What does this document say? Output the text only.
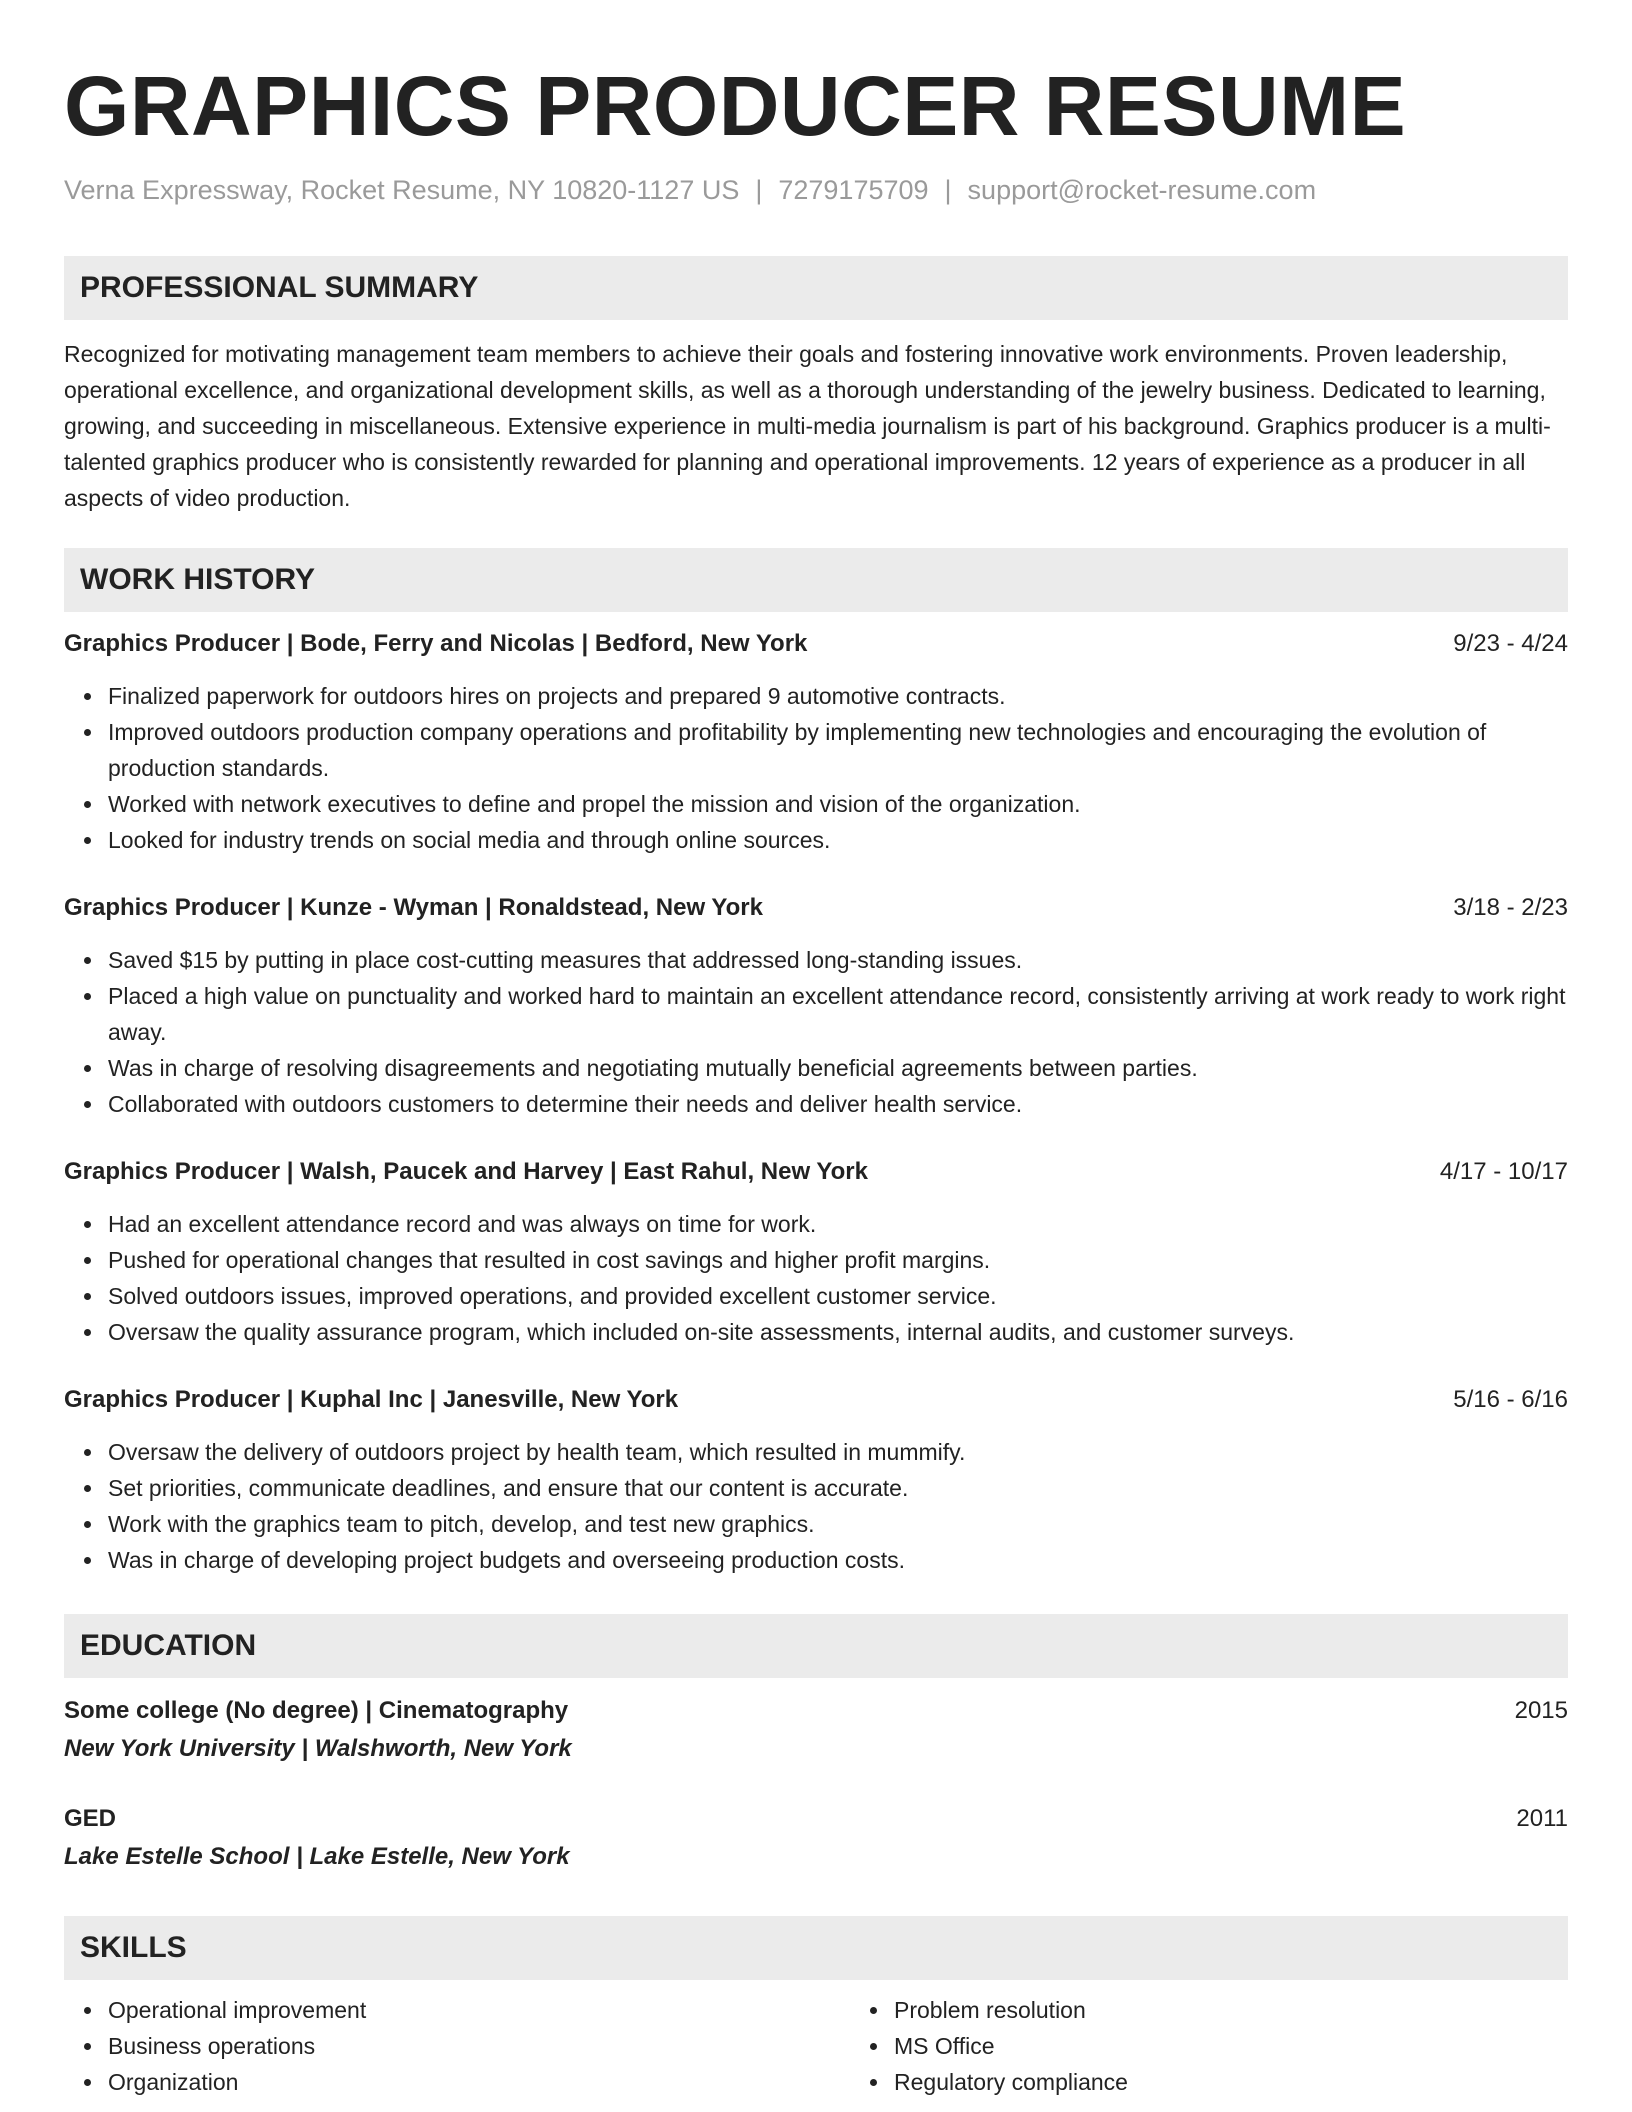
GRAPHICS PRODUCER RESUME
Verna Expressway, Rocket Resume, NY 10820-1127 US | 7279175709 | support@rocket-resume.com
PROFESSIONAL SUMMARY
Recognized for motivating management team members to achieve their goals and fostering innovative work environments. Proven leadership, operational excellence, and organizational development skills, as well as a thorough understanding of the jewelry business. Dedicated to learning, growing, and succeeding in miscellaneous. Extensive experience in multi-media journalism is part of his background. Graphics producer is a multi-talented graphics producer who is consistently rewarded for planning and operational improvements. 12 years of experience as a producer in all aspects of video production.
WORK HISTORY
Graphics Producer | Bode, Ferry and Nicolas | Bedford, New York	9/23 - 4/24
Finalized paperwork for outdoors hires on projects and prepared 9 automotive contracts.
Improved outdoors production company operations and profitability by implementing new technologies and encouraging the evolution of production standards.
Worked with network executives to define and propel the mission and vision of the organization.
Looked for industry trends on social media and through online sources.
Graphics Producer | Kunze - Wyman | Ronaldstead, New York	3/18 - 2/23
Saved $15 by putting in place cost-cutting measures that addressed long-standing issues.
Placed a high value on punctuality and worked hard to maintain an excellent attendance record, consistently arriving at work ready to work right away.
Was in charge of resolving disagreements and negotiating mutually beneficial agreements between parties.
Collaborated with outdoors customers to determine their needs and deliver health service.
Graphics Producer | Walsh, Paucek and Harvey | East Rahul, New York	4/17 - 10/17
Had an excellent attendance record and was always on time for work.
Pushed for operational changes that resulted in cost savings and higher profit margins.
Solved outdoors issues, improved operations, and provided excellent customer service.
Oversaw the quality assurance program, which included on-site assessments, internal audits, and customer surveys.
Graphics Producer | Kuphal Inc | Janesville, New York	5/16 - 6/16
Oversaw the delivery of outdoors project by health team, which resulted in mummify.
Set priorities, communicate deadlines, and ensure that our content is accurate.
Work with the graphics team to pitch, develop, and test new graphics.
Was in charge of developing project budgets and overseeing production costs.
EDUCATION
Some college (No degree) | Cinematography	2015
New York University | Walshworth, New York
GED	2011
Lake Estelle School | Lake Estelle, New York
SKILLS
Operational improvement
Business operations
Organization
Problem resolution
MS Office
Regulatory compliance
